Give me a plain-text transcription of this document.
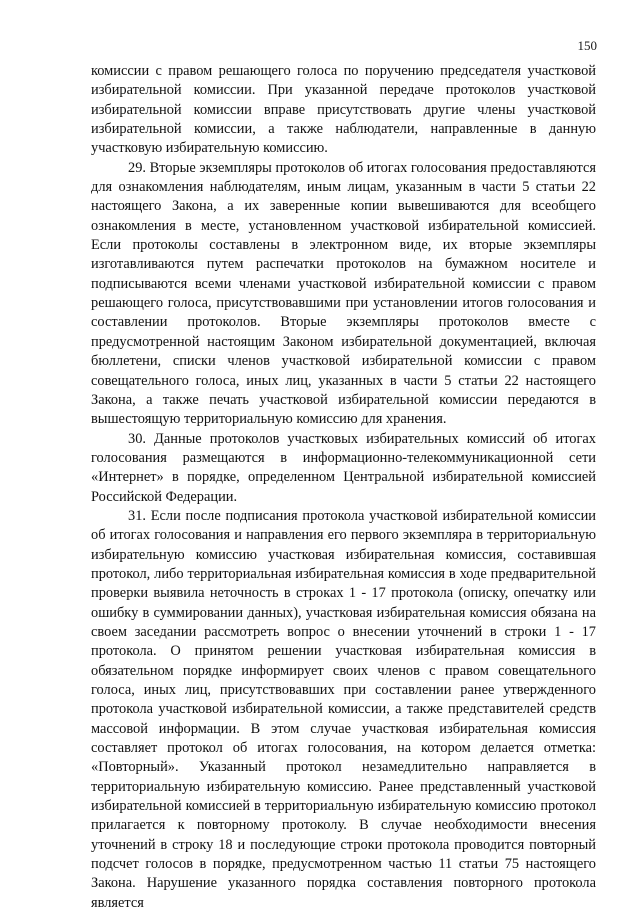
150

комиссии с правом решающего голоса по поручению председателя участковой избирательной комиссии. При указанной передаче протоколов участковой избирательной комиссии вправе присутствовать другие члены участковой избирательной комиссии, а также наблюдатели, направленные в данную участковую избирательную комиссию.

29. Вторые экземпляры протоколов об итогах голосования предоставляются для ознакомления наблюдателям, иным лицам, указанным в части 5 статьи 22 настоящего Закона, а их заверенные копии вывешиваются для всеобщего ознакомления в месте, установленном участковой избирательной комиссией. Если протоколы составлены в электронном виде, их вторые экземпляры изготавливаются путем распечатки протоколов на бумажном носителе и подписываются всеми членами участковой избирательной комиссии с правом решающего голоса, присутствовавшими при установлении итогов голосования и составлении протоколов. Вторые экземпляры протоколов вместе с предусмотренной настоящим Законом избирательной документацией, включая бюллетени, списки членов участковой избирательной комиссии с правом совещательного голоса, иных лиц, указанных в части 5 статьи 22 настоящего Закона, а также печать участковой избирательной комиссии передаются в вышестоящую территориальную комиссию для хранения.

30. Данные протоколов участковых избирательных комиссий об итогах голосования размещаются в информационно-телекоммуникационной сети «Интернет» в порядке, определенном Центральной избирательной комиссией Российской Федерации.

31. Если после подписания протокола участковой избирательной комиссии об итогах голосования и направления его первого экземпляра в территориальную избирательную комиссию участковая избирательная комиссия, составившая протокол, либо территориальная избирательная комиссия в ходе предварительной проверки выявила неточность в строках 1 - 17 протокола (описку, опечатку или ошибку в суммировании данных), участковая избирательная комиссия обязана на своем заседании рассмотреть вопрос о внесении уточнений в строки 1 - 17 протокола. О принятом решении участковая избирательная комиссия в обязательном порядке информирует своих членов с правом совещательного голоса, иных лиц, присутствовавших при составлении ранее утвержденного протокола участковой избирательной комиссии, а также представителей средств массовой информации. В этом случае участковая избирательная комиссия составляет протокол об итогах голосования, на котором делается отметка: «Повторный». Указанный протокол незамедлительно направляется в территориальную избирательную комиссию. Ранее представленный участковой избирательной комиссией в территориальную избирательную комиссию протокол прилагается к повторному протоколу. В случае необходимости внесения уточнений в строку 18 и последующие строки протокола проводится повторный подсчет голосов в порядке, предусмотренном частью 11 статьи 75 настоящего Закона. Нарушение указанного порядка составления повторного протокола является
